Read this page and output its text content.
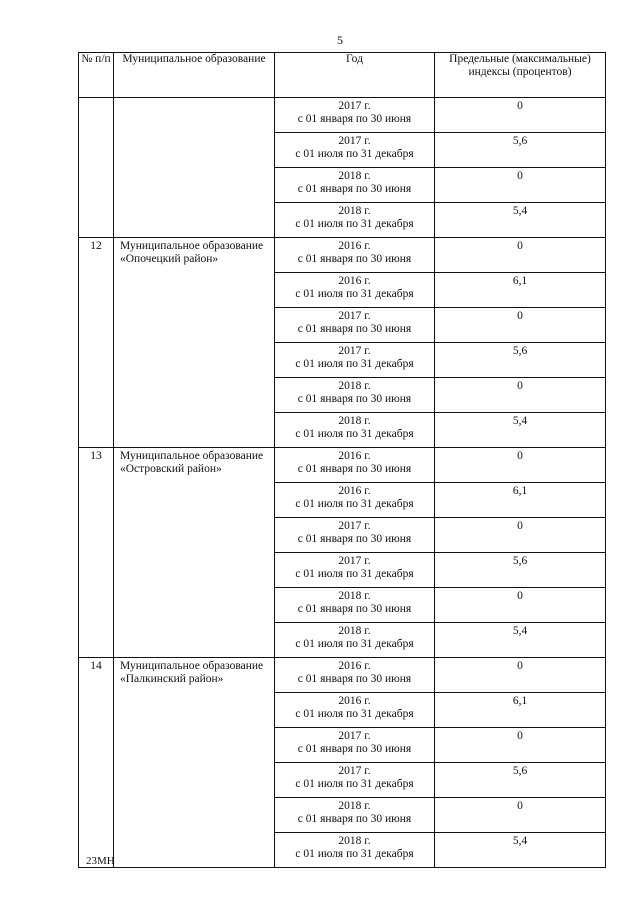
5
№ п/п	Муниципальное образование	Год	Предельные (максимальные) индексы (процентов)

		2017 г.
с 01 января по 30 июня	0

		2017 г.
с 01 июля по 31 декабря	5,6

		2018 г.
с 01 января по 30 июня	0

		2018 г.
с 01 июля по 31 декабря	5,4
12	Муниципальное образование «Опочецкий район»	2016 г.
с 01 января по 30 июня	0

		2016 г.
с 01 июля по 31 декабря	6,1

		2017 г.
с 01 января по 30 июня	0

		2017 г.
с 01 июля по 31 декабря	5,6

		2018 г.
с 01 января по 30 июня	0

		2018 г.
с 01 июля по 31 декабря	5,4
13	Муниципальное образование «Островский район»	2016 г.
с 01 января по 30 июня	0

		2016 г.
с 01 июля по 31 декабря	6,1

		2017 г.
с 01 января по 30 июня	0

		2017 г.
с 01 июля по 31 декабря	5,6

		2018 г.
с 01 января по 30 июня	0

		2018 г.
с 01 июля по 31 декабря	5,4
14	Муниципальное образование «Палкинский район»	2016 г.
с 01 января по 30 июня	0

		2016 г.
с 01 июля по 31 декабря	6,1

		2017 г.
с 01 января по 30 июня	0

		2017 г.
с 01 июля по 31 декабря	5,6

		2018 г.
с 01 января по 30 июня	0

		2018 г.
с 01 июля по 31 декабря	5,4
23МН
